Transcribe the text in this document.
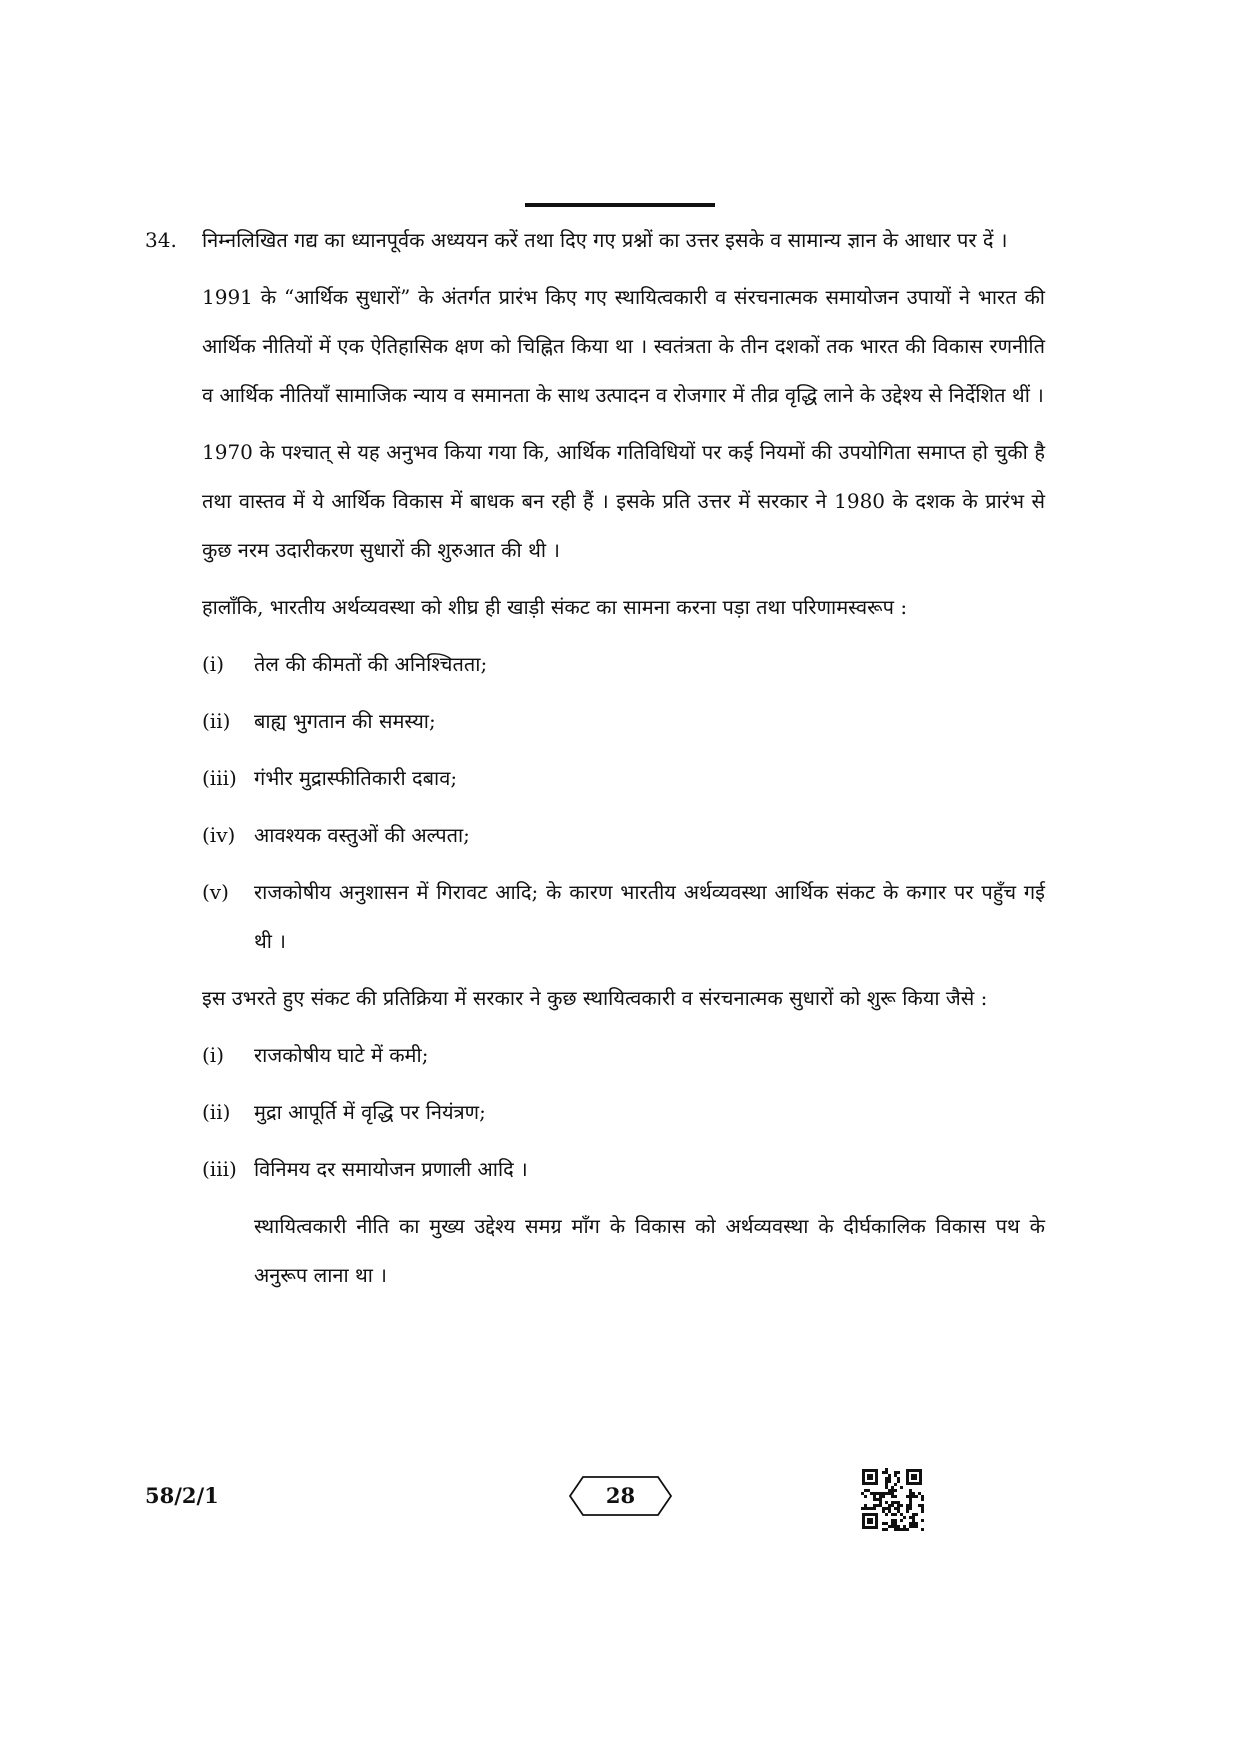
34.	निम्नलिखित गद्य का ध्यानपूर्वक अध्ययन करें तथा दिए गए प्रश्नों का उत्तर इसके व सामान्य ज्ञान के आधार पर दें ।

1991 के “आर्थिक सुधारों” के अंतर्गत प्रारंभ किए गए स्थायित्वकारी व संरचनात्मक समायोजन उपायों ने भारत की आर्थिक नीतियों में एक ऐतिहासिक क्षण को चिह्नित किया था । स्वतंत्रता के तीन दशकों तक भारत की विकास रणनीति व आर्थिक नीतियाँ सामाजिक न्याय व समानता के साथ उत्पादन व रोजगार में तीव्र वृद्धि लाने के उद्देश्य से निर्देशित थीं ।

1970 के पश्चात् से यह अनुभव किया गया कि, आर्थिक गतिविधियों पर कई नियमों की उपयोगिता समाप्त हो चुकी है तथा वास्तव में ये आर्थिक विकास में बाधक बन रही हैं । इसके प्रति उत्तर में सरकार ने 1980 के दशक के प्रारंभ से कुछ नरम उदारीकरण सुधारों की शुरुआत की थी ।

हालाँकि, भारतीय अर्थव्यवस्था को शीघ्र ही खाड़ी संकट का सामना करना पड़ा तथा परिणामस्वरूप :

(i)	तेल की कीमतों की अनिश्चितता;
(ii)	बाह्य भुगतान की समस्या;
(iii) गंभीर मुद्रास्फीतिकारी दबाव;
(iv) आवश्यक वस्तुओं की अल्पता;
(v)	राजकोषीय अनुशासन में गिरावट आदि; के कारण भारतीय अर्थव्यवस्था आर्थिक संकट के कगार पर पहुँच गई थी ।

इस उभरते हुए संकट की प्रतिक्रिया में सरकार ने कुछ स्थायित्वकारी व संरचनात्मक सुधारों को शुरू किया जैसे :

(i)	राजकोषीय घाटे में कमी;
(ii)	मुद्रा आपूर्ति में वृद्धि पर नियंत्रण;
(iii) विनिमय दर समायोजन प्रणाली आदि ।

स्थायित्वकारी नीति का मुख्य उद्देश्य समग्र माँग के विकास को अर्थव्यवस्था के दीर्घकालिक विकास पथ के अनुरूप लाना था ।

58/2/1	28
